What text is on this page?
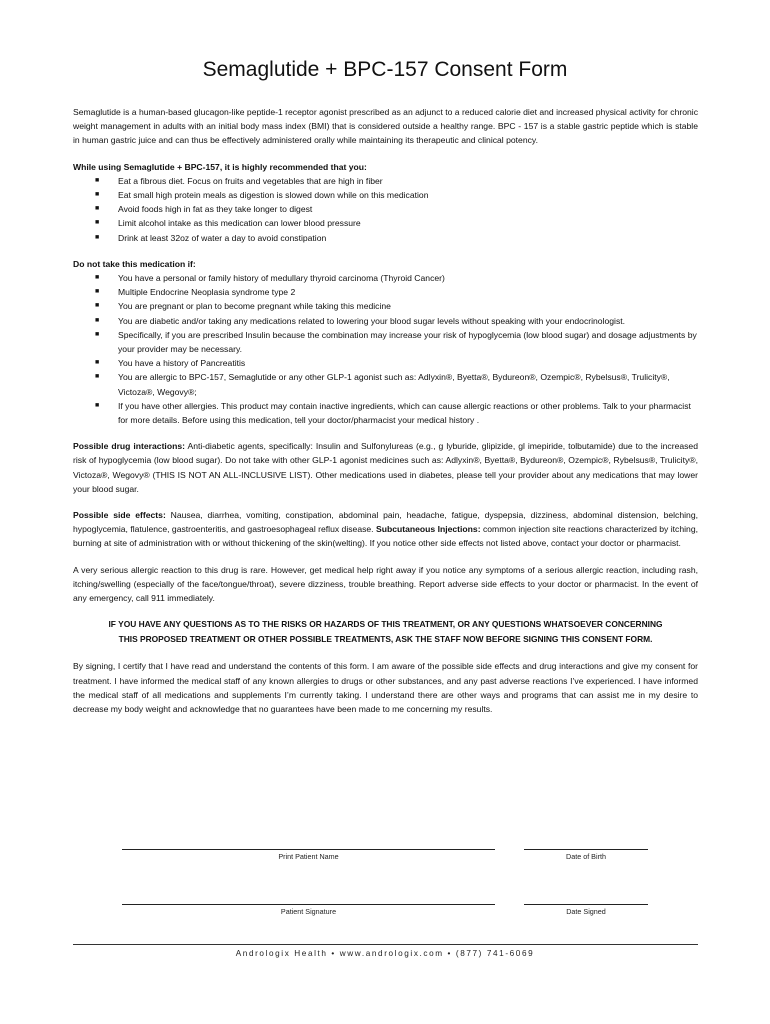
Semaglutide + BPC-157 Consent Form

Semaglutide is a human-based glucagon-like peptide-1 receptor agonist prescribed as an adjunct to a reduced calorie diet and increased physical activity for chronic weight management in adults with an initial body mass index (BMI) that is considered outside a healthy range. BPC - 157 is a stable gastric peptide which is stable in human gastric juice and can thus be effectively administered orally while maintaining its therapeutic and clinical potency.

While using Semaglutide + BPC-157, it is highly recommended that you:

■ Eat a fibrous diet. Focus on fruits and vegetables that are high in fiber
■ Eat small high protein meals as digestion is slowed down while on this medication
■ Avoid foods high in fat as they take longer to digest
■ Limit alcohol intake as this medication can lower blood pressure
■ Drink at least 32oz of water a day to avoid constipation

Do not take this medication if:

■ You have a personal or family history of medullary thyroid carcinoma (Thyroid Cancer)
■ Multiple Endocrine Neoplasia syndrome type 2
■ You are pregnant or plan to become pregnant while taking this medicine
■ You are diabetic and/or taking any medications related to lowering your blood sugar levels without speaking with your endocrinologist.
■ Specifically, if you are prescribed Insulin because the combination may increase your risk of hypoglycemia (low blood sugar) and dosage adjustments by your provider may be necessary.
■ You have a history of Pancreatitis
■ You are allergic to BPC-157, Semaglutide or any other GLP-1 agonist such as: Adlyxin®, Byetta®, Bydureon®, Ozempic®, Rybelsus®, Trulicity®, Victoza®, Wegovy®;
■ If you have other allergies. This product may contain inactive ingredients, which can cause allergic reactions or other problems. Talk to your pharmacist for more details. Before using this medication, tell your doctor/pharmacist your medical history .

Possible drug interactions: Anti-diabetic agents, specifically: Insulin and Sulfonylureas (e.g., g lyburide, glipizide, gl imepiride, tolbutamide) due to the increased risk of hypoglycemia (low blood sugar). Do not take with other GLP-1 agonist medicines such as: Adlyxin®, Byetta®, Bydureon®, Ozempic®, Rybelsus®, Trulicity®, Victoza®, Wegovy® (THIS IS NOT AN ALL-INCLUSIVE LIST). Other medications used in diabetes, please tell your provider about any medications that may lower your blood sugar.

Possible side effects: Nausea, diarrhea, vomiting, constipation, abdominal pain, headache, fatigue, dyspepsia, dizziness, abdominal distension, belching, hypoglycemia, flatulence, gastroenteritis, and gastroesophageal reflux disease. Subcutaneous Injections: common injection site reactions characterized by itching, burning at site of administration with or without thickening of the skin(welting). If you notice other side effects not listed above, contact your doctor or pharmacist.

A very serious allergic reaction to this drug is rare. However, get medical help right away if you notice any symptoms of a serious allergic reaction, including rash, itching/swelling (especially of the face/tongue/throat), severe dizziness, trouble breathing. Report adverse side effects to your doctor or pharmacist. In the event of any emergency, call 911 immediately.

IF YOU HAVE ANY QUESTIONS AS TO THE RISKS OR HAZARDS OF THIS TREATMENT, OR ANY QUESTIONS WHATSOEVER CONCERNING
THIS PROPOSED TREATMENT OR OTHER POSSIBLE TREATMENTS, ASK THE STAFF NOW BEFORE SIGNING THIS CONSENT FORM.

By signing, I certify that I have read and understand the contents of this form. I am aware of the possible side effects and drug interactions and give my consent for treatment. I have informed the medical staff of any known allergies to drugs or other substances, and any past adverse reactions I’ve experienced. I have informed the medical staff of all medications and supplements I’m currently taking. I understand there are other ways and programs that can assist me in my desire to decrease my body weight and acknowledge that no guarantees have been made to me concerning my results.

Print Patient Name	Date of Birth
Patient Signature	Date Signed
Andrologix Health • www.andrologix.com • (877) 741-6069
